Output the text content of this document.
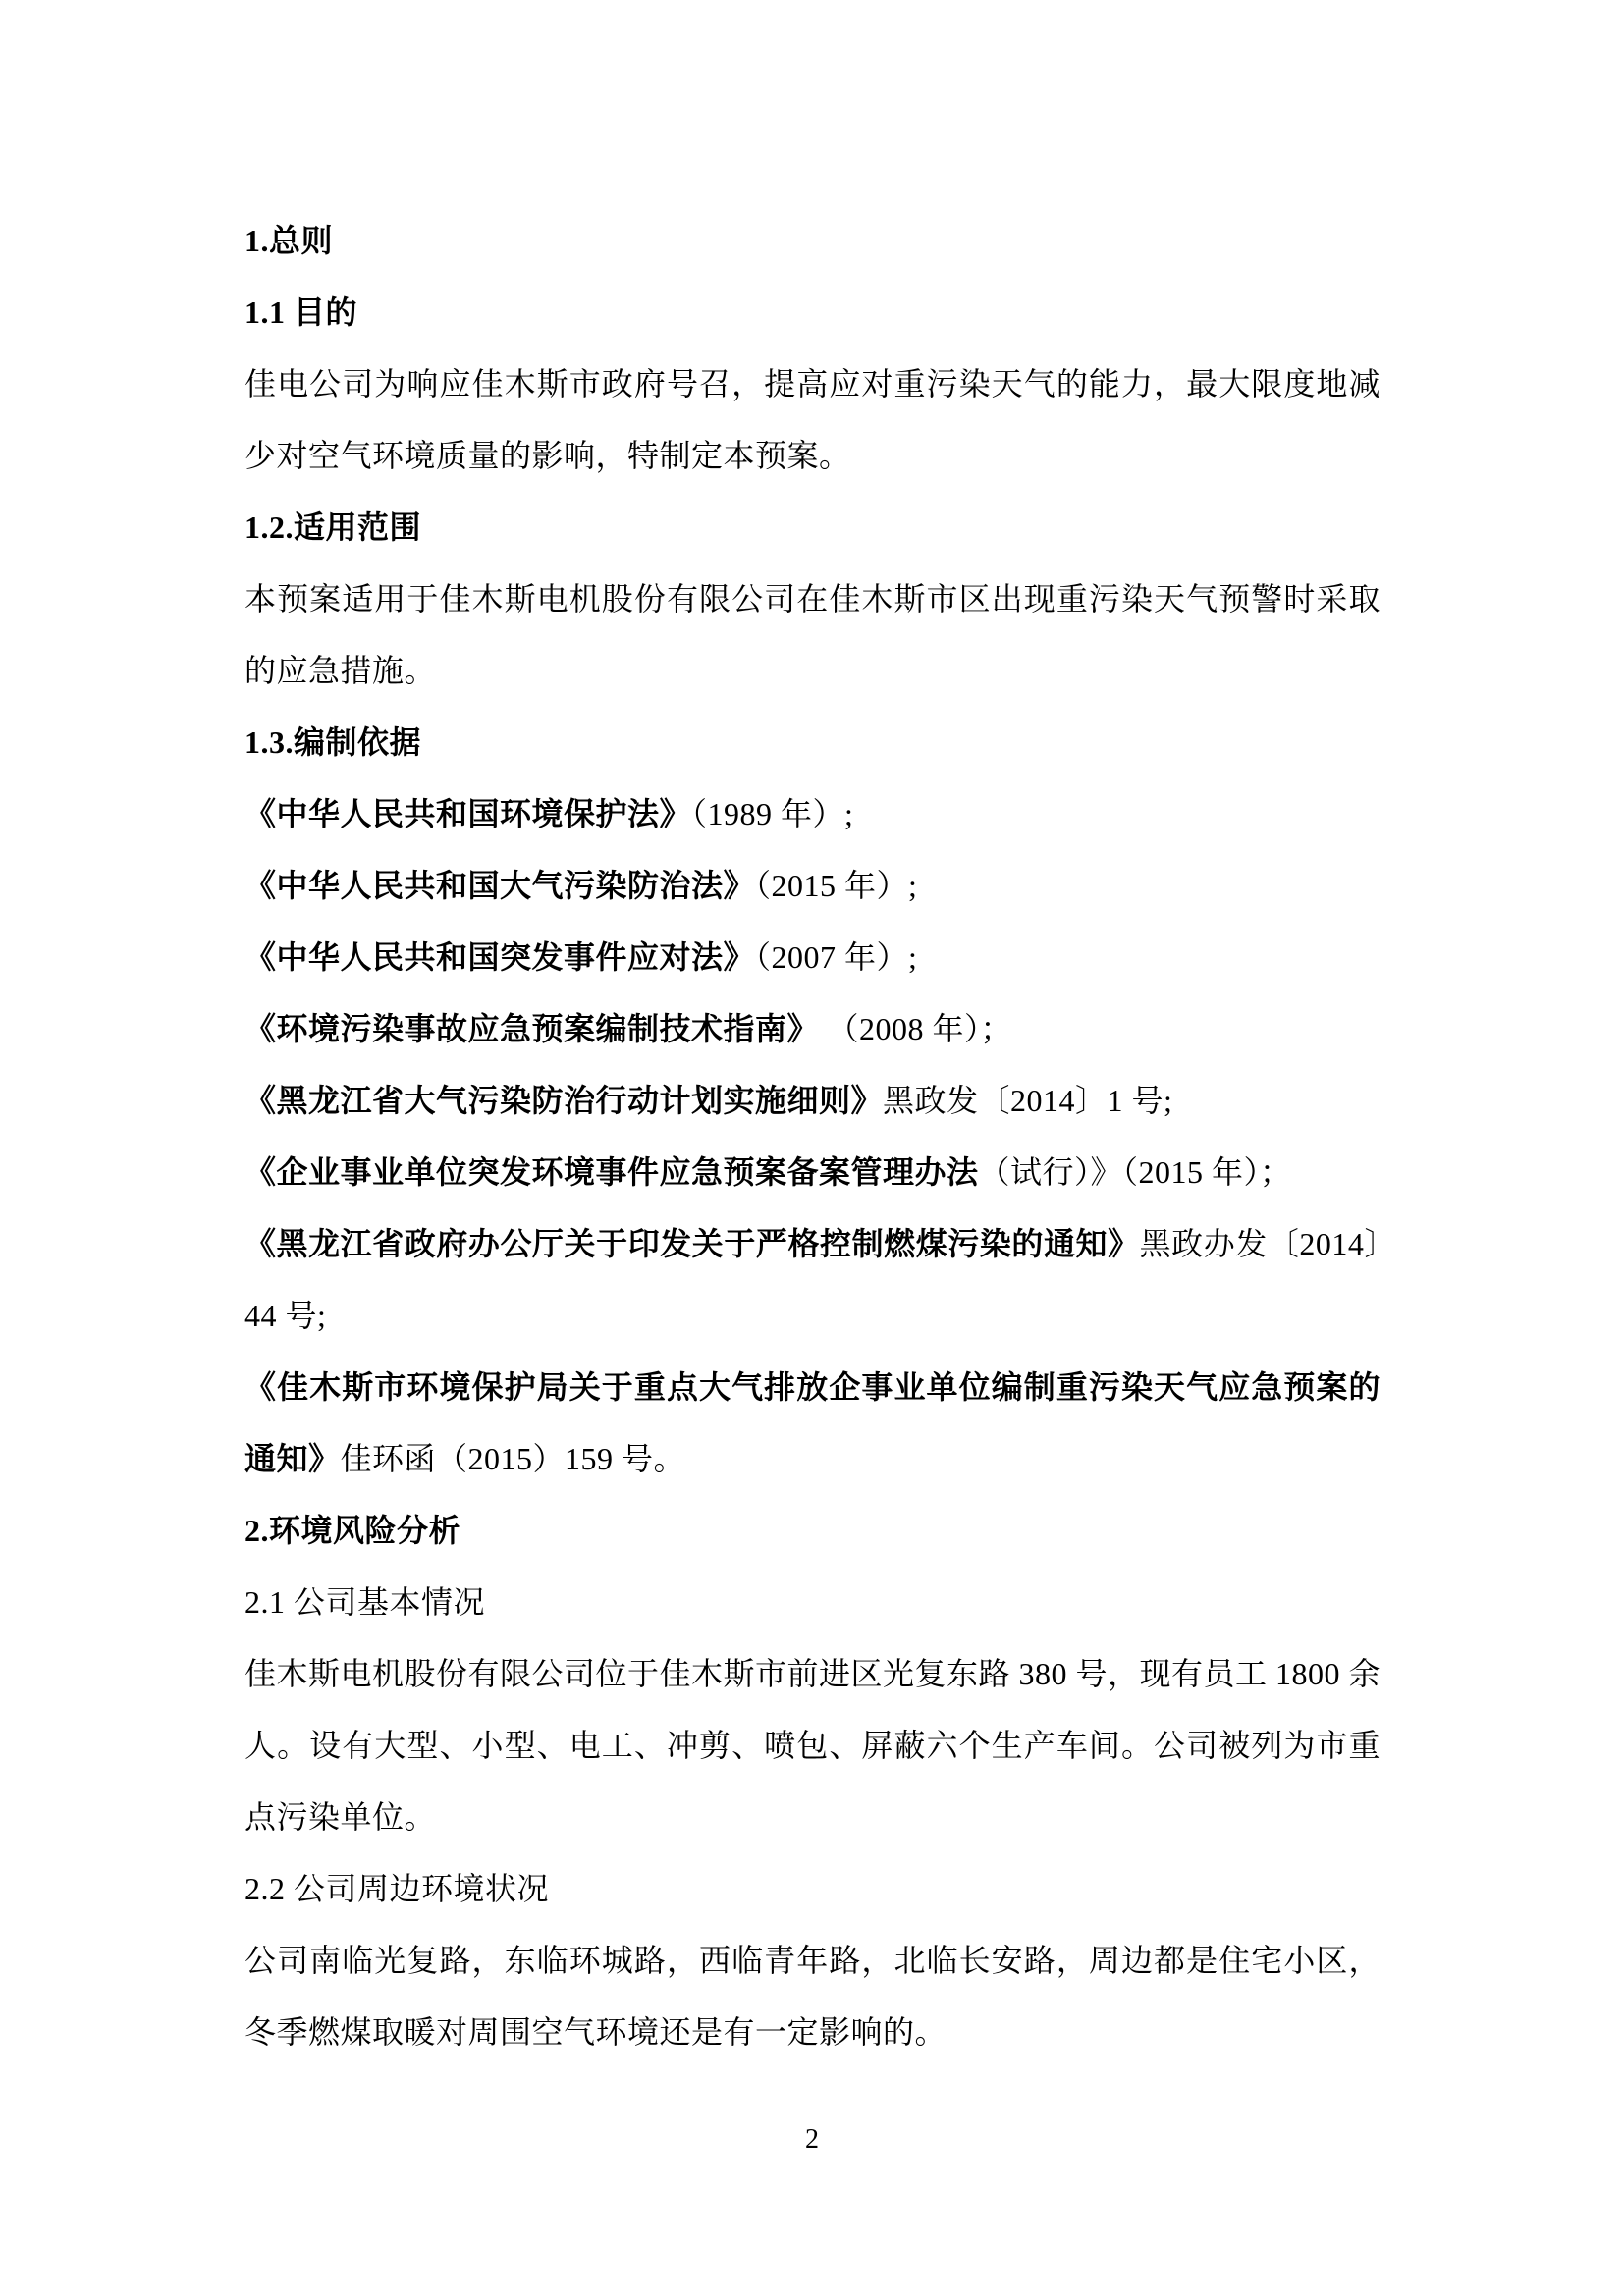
1.总则

1.1 目的

佳电公司为响应佳木斯市政府号召，提高应对重污染天气的能力，最大限度地减少对空气环境质量的影响，特制定本预案。

1.2.适用范围

本预案适用于佳木斯电机股份有限公司在佳木斯市区出现重污染天气预警时采取的应急措施。

1.3.编制依据

《中华人民共和国环境保护法》（1989 年）;

《中华人民共和国大气污染防治法》（2015 年）;

《中华人民共和国突发事件应对法》（2007 年）;

《环境污染事故应急预案编制技术指南》 （2008 年）；

《黑龙江省大气污染防治行动计划实施细则》黑政发〔2014〕1 号;

《企业事业单位突发环境事件应急预案备案管理办法（试行）》（2015 年）；

《黑龙江省政府办公厅关于印发关于严格控制燃煤污染的通知》黑政办发〔2014〕44 号;

《佳木斯市环境保护局关于重点大气排放企事业单位编制重污染天气应急预案的通知》佳环函（2015）159 号。

2.环境风险分析

2.1 公司基本情况

佳木斯电机股份有限公司位于佳木斯市前进区光复东路 380 号，现有员工 1800 余人。设有大型、小型、电工、冲剪、喷包、屏蔽六个生产车间。公司被列为市重点污染单位。

2.2 公司周边环境状况

公司南临光复路，东临环城路，西临青年路，北临长安路，周边都是住宅小区，冬季燃煤取暖对周围空气环境还是有一定影响的。

2
